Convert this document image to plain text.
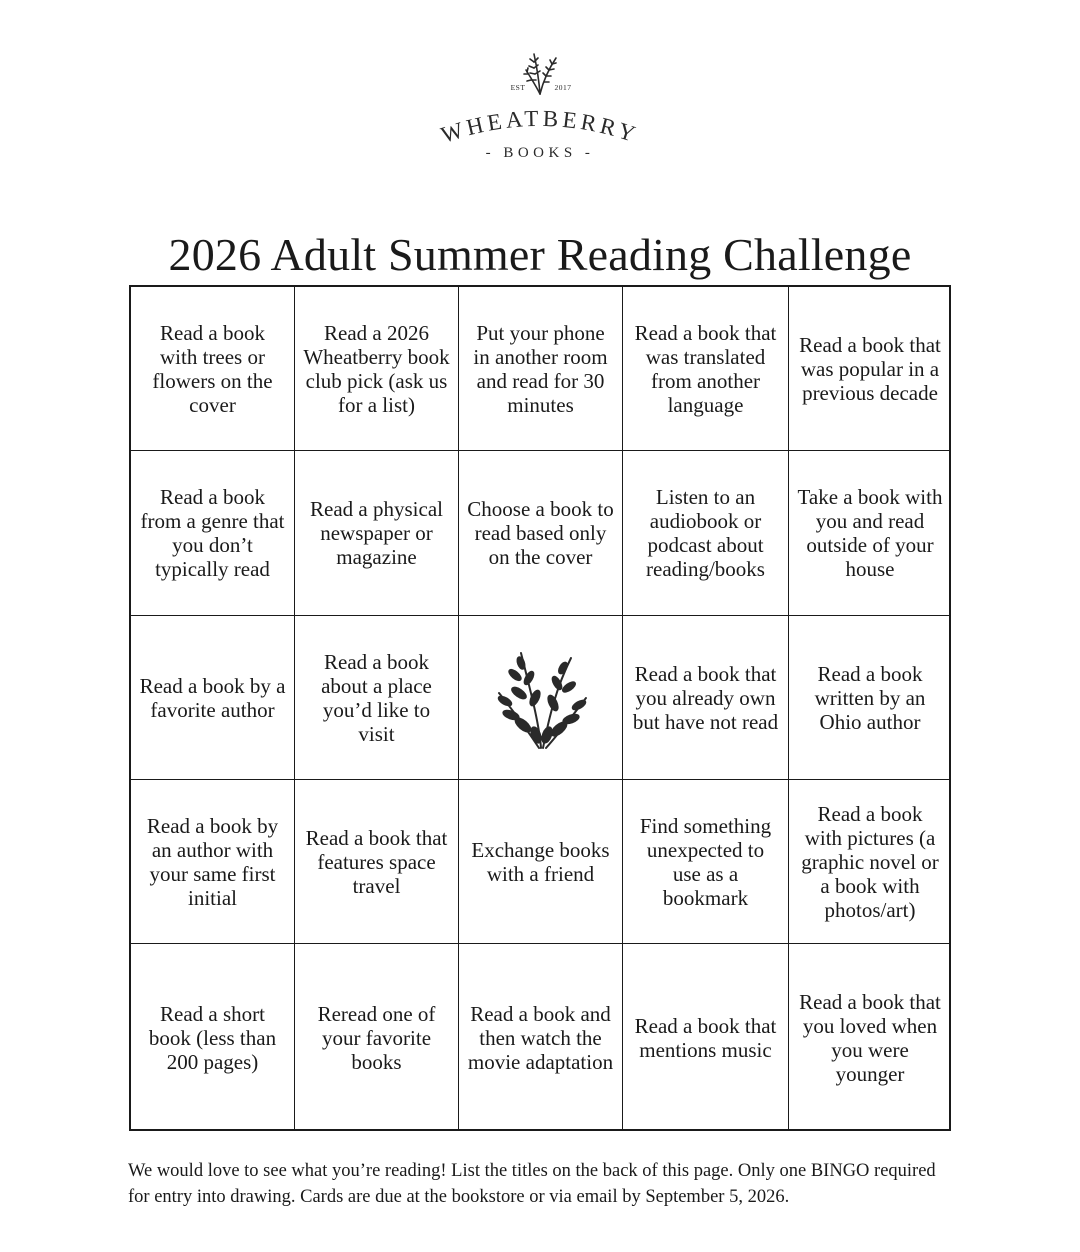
EST	2017
WHEATBERRY
- BOOKS -
2026 Adult Summer Reading Challenge
Read a book with trees or flowers on the cover
Read a 2026 Wheatberry book club pick (ask us for a list)
Put your phone in another room and read for 30 minutes
Read a book that was translated from another language
Read a book that was popular in a previous decade
Read a book from a genre that you don’t typically read
Read a physical newspaper or magazine
Choose a book to read based only on the cover
Listen to an audiobook or podcast about reading/books
Take a book with you and read outside of your house
Read a book by a favorite author
Read a book about a place you’d like to visit
Read a book that you already own but have not read
Read a book written by an Ohio author
Read a book by an author with your same first initial
Read a book that features space travel
Exchange books with a friend
Find something unexpected to use as a bookmark
Read a book with pictures (a graphic novel or a book with photos/art)
Read a short book (less than 200 pages)
Reread one of your favorite books
Read a book and then watch the movie adaptation
Read a book that mentions music
Read a book that you loved when you were younger
We would love to see what you’re reading! List the titles on the back of this page. Only one BINGO required for entry into drawing. Cards are due at the bookstore or via email by September 5, 2026.
